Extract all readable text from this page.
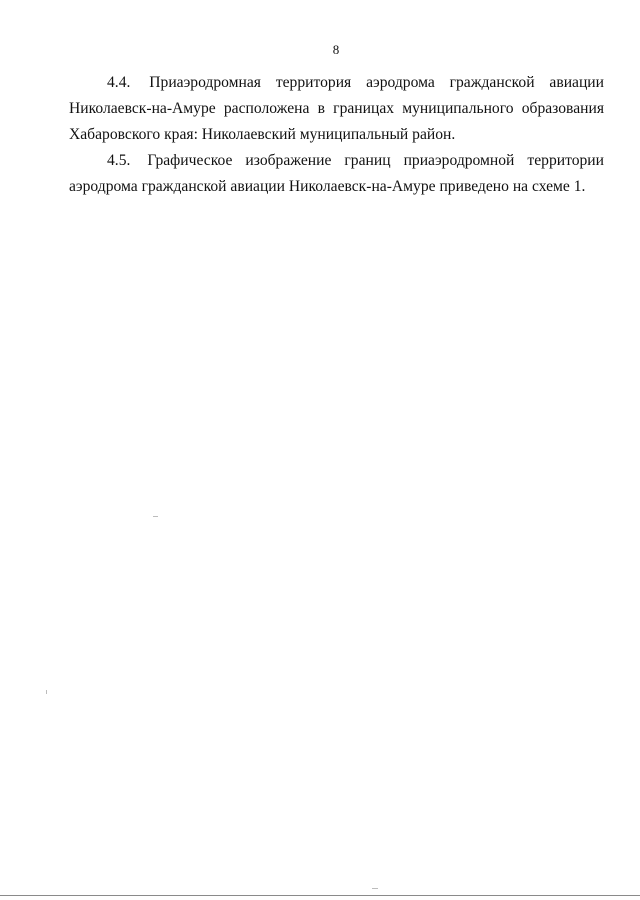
8

4.4. Приаэродромная территория аэродрома гражданской авиации
Николаевск-на-Амуре расположена в границах муниципального образования
Хабаровского края: Николаевский муниципальный район.

4.5. Графическое изображение границ приаэродромной территории
аэродрома гражданской авиации Николаевск-на-Амуре приведено на схеме 1.
